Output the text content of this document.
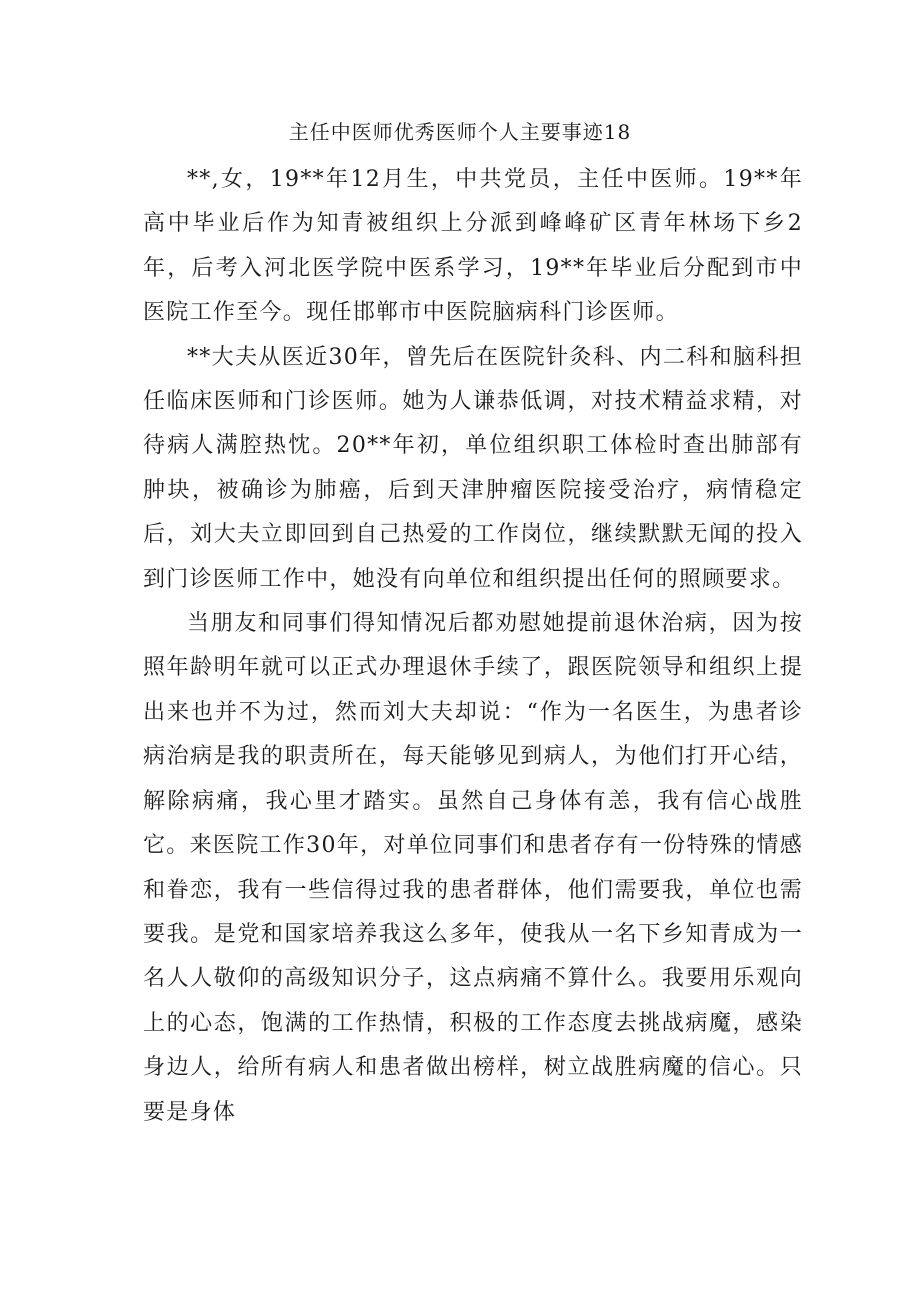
主任中医师优秀医师个人主要事迹18

**,女，19**年12月生，中共党员，主任中医师。19**年高中毕业后作为知青被组织上分派到峰峰矿区青年林场下乡2年，后考入河北医学院中医系学习，19**年毕业后分配到市中医院工作至今。现任邯郸市中医院脑病科门诊医师。

**大夫从医近30年，曾先后在医院针灸科、内二科和脑科担任临床医师和门诊医师。她为人谦恭低调，对技术精益求精，对待病人满腔热忱。20**年初，单位组织职工体检时查出肺部有肿块，被确诊为肺癌，后到天津肿瘤医院接受治疗，病情稳定后，刘大夫立即回到自己热爱的工作岗位，继续默默无闻的投入到门诊医师工作中，她没有向单位和组织提出任何的照顾要求。

当朋友和同事们得知情况后都劝慰她提前退休治病，因为按照年龄明年就可以正式办理退休手续了，跟医院领导和组织上提出来也并不为过，然而刘大夫却说：“作为一名医生，为患者诊病治病是我的职责所在，每天能够见到病人，为他们打开心结，解除病痛，我心里才踏实。虽然自己身体有恙，我有信心战胜它。来医院工作30年，对单位同事们和患者存有一份特殊的情感和眷恋，我有一些信得过我的患者群体，他们需要我，单位也需要我。是党和国家培养我这么多年，使我从一名下乡知青成为一名人人敬仰的高级知识分子，这点病痛不算什么。我要用乐观向上的心态，饱满的工作热情，积极的工作态度去挑战病魔，感染身边人，给所有病人和患者做出榜样，树立战胜病魔的信心。只要是身体
